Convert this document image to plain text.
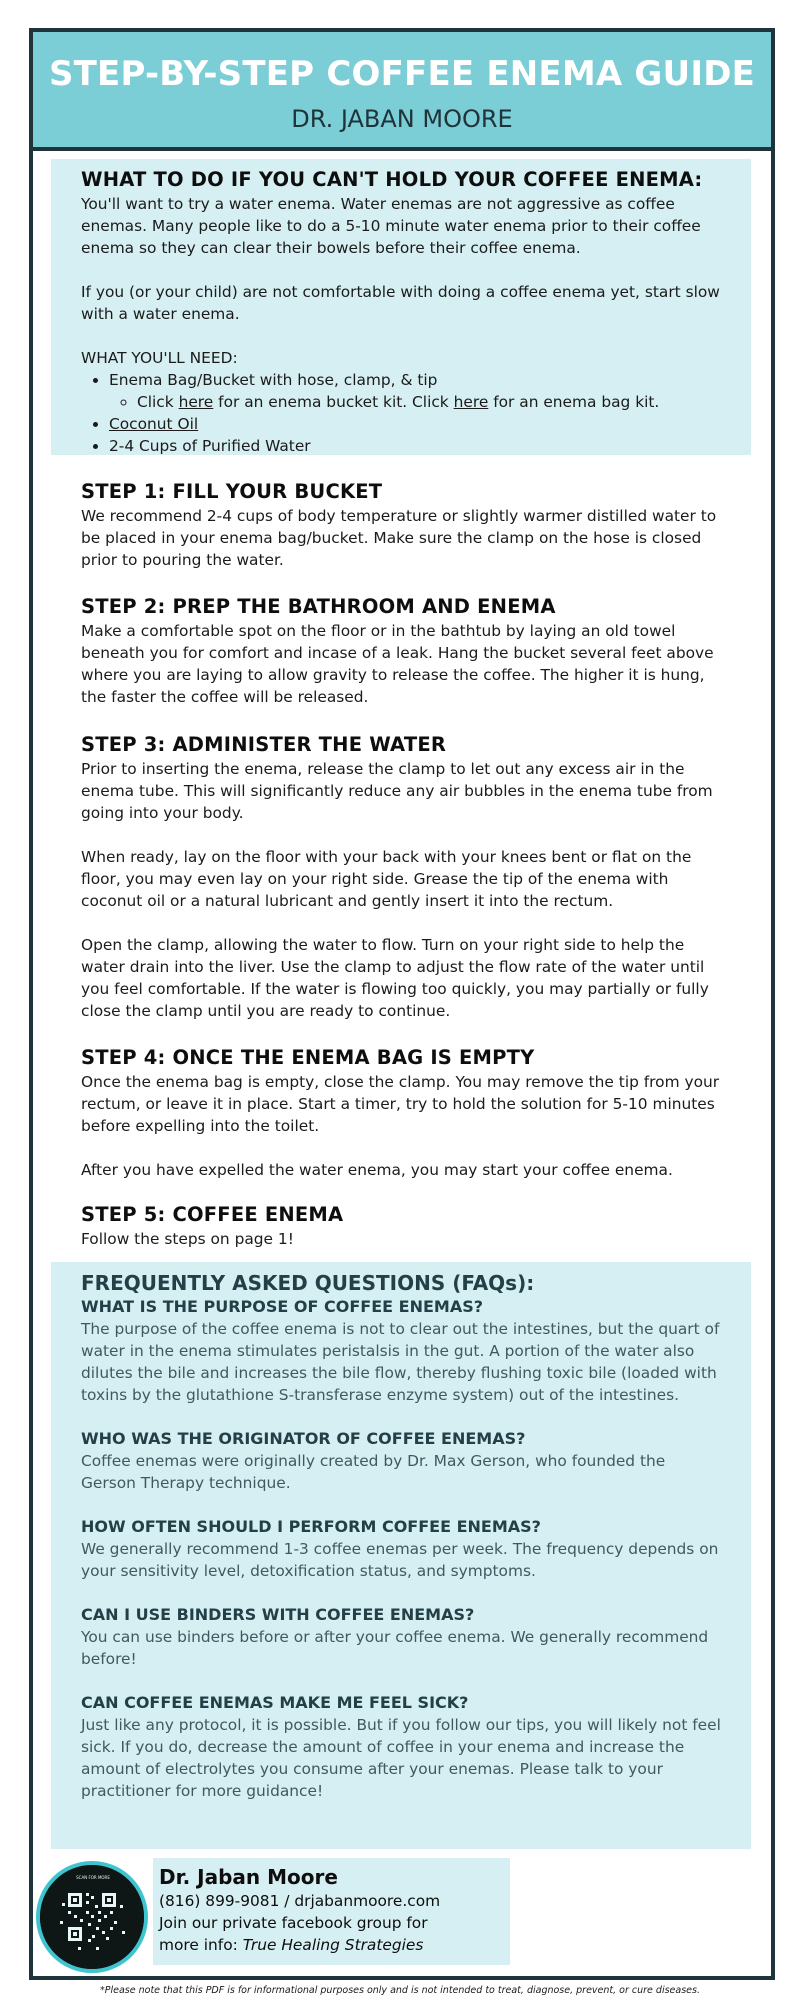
STEP-BY-STEP COFFEE ENEMA GUIDE
DR. JABAN MOORE
WHAT TO DO IF YOU CAN'T HOLD YOUR COFFEE ENEMA:

You'll want to try a water enema. Water enemas are not aggressive as coffee enemas. Many people like to do a 5-10 minute water enema prior to their coffee enema so they can clear their bowels before their coffee enema.

If you (or your child) are not comfortable with doing a coffee enema yet, start slow with a water enema.

WHAT YOU'LL NEED:

• Enema Bag/Bucket with hose, clamp, & tip
◦ Click here for an enema bucket kit. Click here for an enema bag kit.
• Coconut Oil
• 2-4 Cups of Purified Water
STEP 1: FILL YOUR BUCKET

We recommend 2-4 cups of body temperature or slightly warmer distilled water to be placed in your enema bag/bucket. Make sure the clamp on the hose is closed prior to pouring the water.

STEP 2: PREP THE BATHROOM AND ENEMA

Make a comfortable spot on the floor or in the bathtub by laying an old towel beneath you for comfort and incase of a leak. Hang the bucket several feet above where you are laying to allow gravity to release the coffee. The higher it is hung, the faster the coffee will be released.

STEP 3: ADMINISTER THE WATER

Prior to inserting the enema, release the clamp to let out any excess air in the enema tube. This will significantly reduce any air bubbles in the enema tube from going into your body.

When ready, lay on the floor with your back with your knees bent or flat on the floor, you may even lay on your right side. Grease the tip of the enema with coconut oil or a natural lubricant and gently insert it into the rectum.

Open the clamp, allowing the water to flow. Turn on your right side to help the water drain into the liver. Use the clamp to adjust the flow rate of the water until you feel comfortable. If the water is flowing too quickly, you may partially or fully close the clamp until you are ready to continue.

STEP 4: ONCE THE ENEMA BAG IS EMPTY

Once the enema bag is empty, close the clamp. You may remove the tip from your rectum, or leave it in place. Start a timer, try to hold the solution for 5-10 minutes before expelling into the toilet.

After you have expelled the water enema, you may start your coffee enema.

STEP 5: COFFEE ENEMA

Follow the steps on page 1!

FREQUENTLY ASKED QUESTIONS (FAQs):
WHAT IS THE PURPOSE OF COFFEE ENEMAS?

The purpose of the coffee enema is not to clear out the intestines, but the quart of water in the enema stimulates peristalsis in the gut. A portion of the water also dilutes the bile and increases the bile flow, thereby flushing toxic bile (loaded with toxins by the glutathione S-transferase enzyme system) out of the intestines.

WHO WAS THE ORIGINATOR OF COFFEE ENEMAS?

Coffee enemas were originally created by Dr. Max Gerson, who founded the Gerson Therapy technique.

HOW OFTEN SHOULD I PERFORM COFFEE ENEMAS?

We generally recommend 1-3 coffee enemas per week. The frequency depends on your sensitivity level, detoxification status, and symptoms.

CAN I USE BINDERS WITH COFFEE ENEMAS?

You can use binders before or after your coffee enema. We generally recommend before!

CAN COFFEE ENEMAS MAKE ME FEEL SICK?

Just like any protocol, it is possible. But if you follow our tips, you will likely not feel sick. If you do, decrease the amount of coffee in your enema and increase the amount of electrolytes you consume after your enemas. Please talk to your practitioner for more guidance!

SCAN FOR MORE	Dr. Jaban Moore
(816) 899-9081 / drjabanmoore.com
Join our private facebook group for
more info: True Healing Strategies
*Please note that this PDF is for informational purposes only and is not intended to treat, diagnose, prevent, or cure diseases.
